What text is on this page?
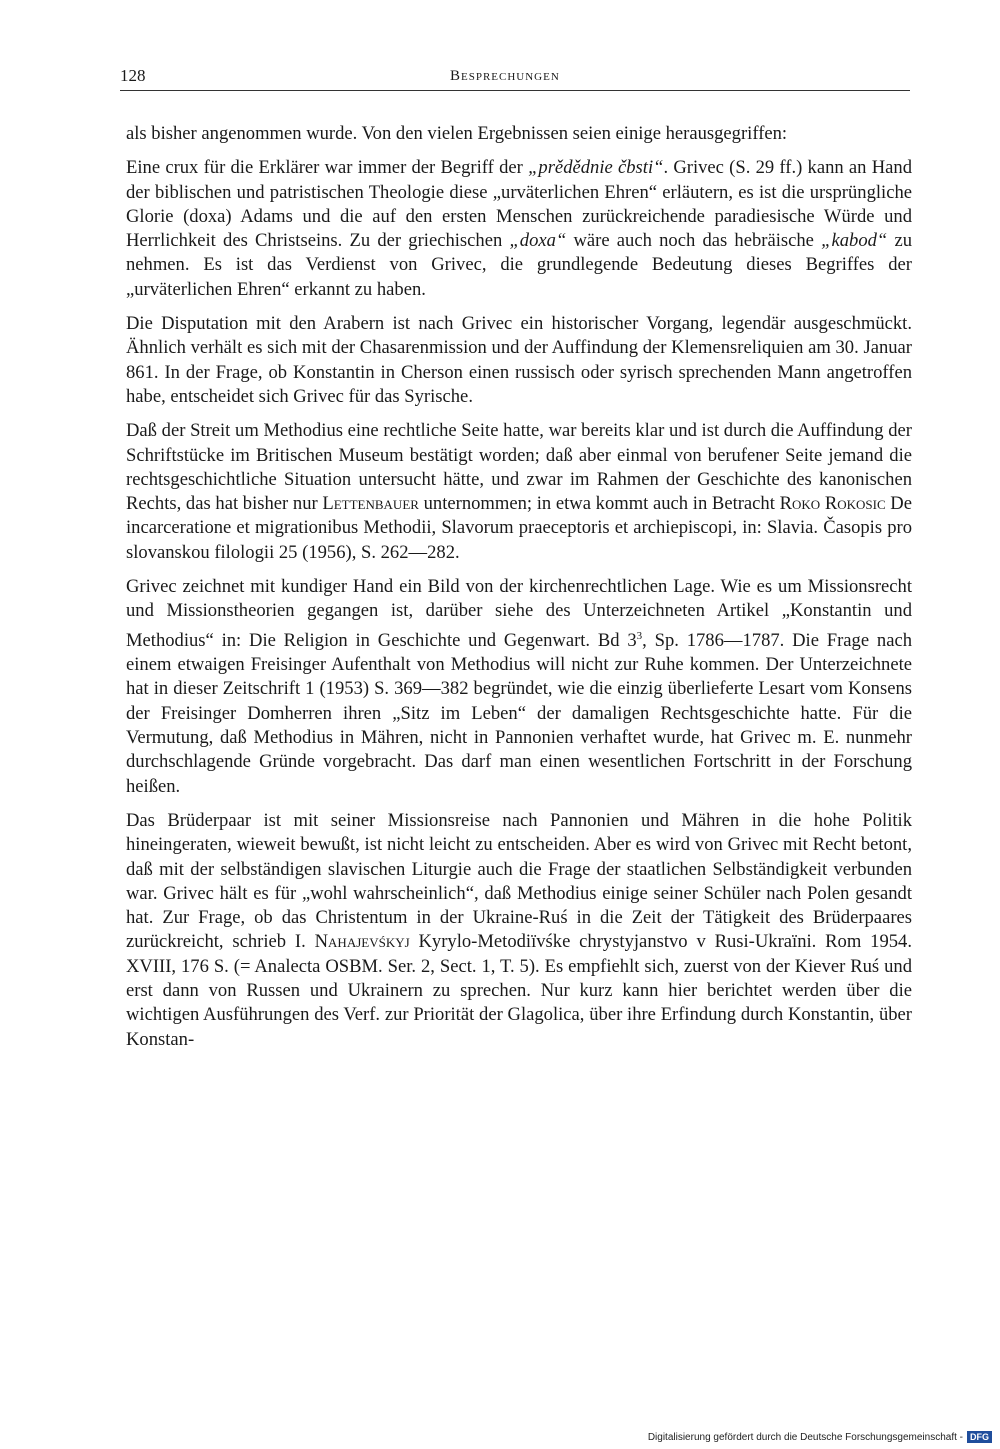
128	Besprechungen

als bisher angenommen wurde. Von den vielen Ergebnissen seien einige herausgegriffen:

Eine crux für die Erklärer war immer der Begriff der „prědědnie čbsti“. Grivec (S. 29 ff.) kann an Hand der biblischen und patristischen Theologie diese „urväterlichen Ehren“ erläutern, es ist die ursprüngliche Glorie (doxa) Adams und die auf den ersten Menschen zurückreichende paradiesische Würde und Herrlichkeit des Christseins. Zu der griechischen „doxa“ wäre auch noch das hebräische „kabod“ zu nehmen. Es ist das Verdienst von Grivec, die grundlegende Bedeutung dieses Begriffes der „urväterlichen Ehren“ erkannt zu haben.

Die Disputation mit den Arabern ist nach Grivec ein historischer Vorgang, legendär ausgeschmückt. Ähnlich verhält es sich mit der Chasarenmission und der Auffindung der Klemensreliquien am 30. Januar 861. In der Frage, ob Konstantin in Cherson einen russisch oder syrisch sprechenden Mann angetroffen habe, entscheidet sich Grivec für das Syrische.

Daß der Streit um Methodius eine rechtliche Seite hatte, war bereits klar und ist durch die Auffindung der Schriftstücke im Britischen Museum bestätigt worden; daß aber einmal von berufener Seite jemand die rechtsgeschichtliche Situation untersucht hätte, und zwar im Rahmen der Geschichte des kanonischen Rechts, das hat bisher nur Lettenbauer unternommen; in etwa kommt auch in Betracht Roko Rokosic De incarceratione et migrationibus Methodii, Slavorum praeceptoris et archiepiscopi, in: Slavia. Časopis pro slovanskou filologii 25 (1956), S. 262—282.

Grivec zeichnet mit kundiger Hand ein Bild von der kirchenrechtlichen Lage. Wie es um Missionsrecht und Missionstheorien gegangen ist, darüber siehe des Unterzeichneten Artikel „Konstantin und Methodius“ in: Die Religion in Geschichte und Gegenwart. Bd $3^3$, Sp. 1786—1787. Die Frage nach einem etwaigen Freisinger Aufenthalt von Methodius will nicht zur Ruhe kommen. Der Unterzeichnete hat in dieser Zeitschrift 1 (1953) S. 369—382 begründet, wie die einzig überlieferte Lesart vom Konsens der Freisinger Domherren ihren „Sitz im Leben“ der damaligen Rechtsgeschichte hatte. Für die Vermutung, daß Methodius in Mähren, nicht in Pannonien verhaftet wurde, hat Grivec m. E. nunmehr durchschlagende Gründe vorgebracht. Das darf man einen wesentlichen Fortschritt in der Forschung heißen.

Das Brüderpaar ist mit seiner Missionsreise nach Pannonien und Mähren in die hohe Politik hineingeraten, wieweit bewußt, ist nicht leicht zu entscheiden. Aber es wird von Grivec mit Recht betont, daß mit der selbständigen slavischen Liturgie auch die Frage der staatlichen Selbständigkeit verbunden war. Grivec hält es für „wohl wahrscheinlich“, daß Methodius einige seiner Schüler nach Polen gesandt hat. Zur Frage, ob das Christentum in der Ukraine-Ruś in die Zeit der Tätigkeit des Brüderpaares zurückreicht, schrieb I. Nahajevśkyj Kyrylo-Metodiïvśke chrystyjanstvo v Rusi-Ukraïni. Rom 1954. XVIII, 176 S. (= Analecta OSBM. Ser. 2, Sect. 1, T. 5). Es empfiehlt sich, zuerst von der Kiever Ruś und erst dann von Russen und Ukrainern zu sprechen. Nur kurz kann hier berichtet werden über die wichtigen Ausführungen des Verf. zur Priorität der Glagolica, über ihre Erfindung durch Konstantin, über Konstan-

Digitalisierung gefördert durch die Deutsche Forschungsgemeinschaft - DFG
